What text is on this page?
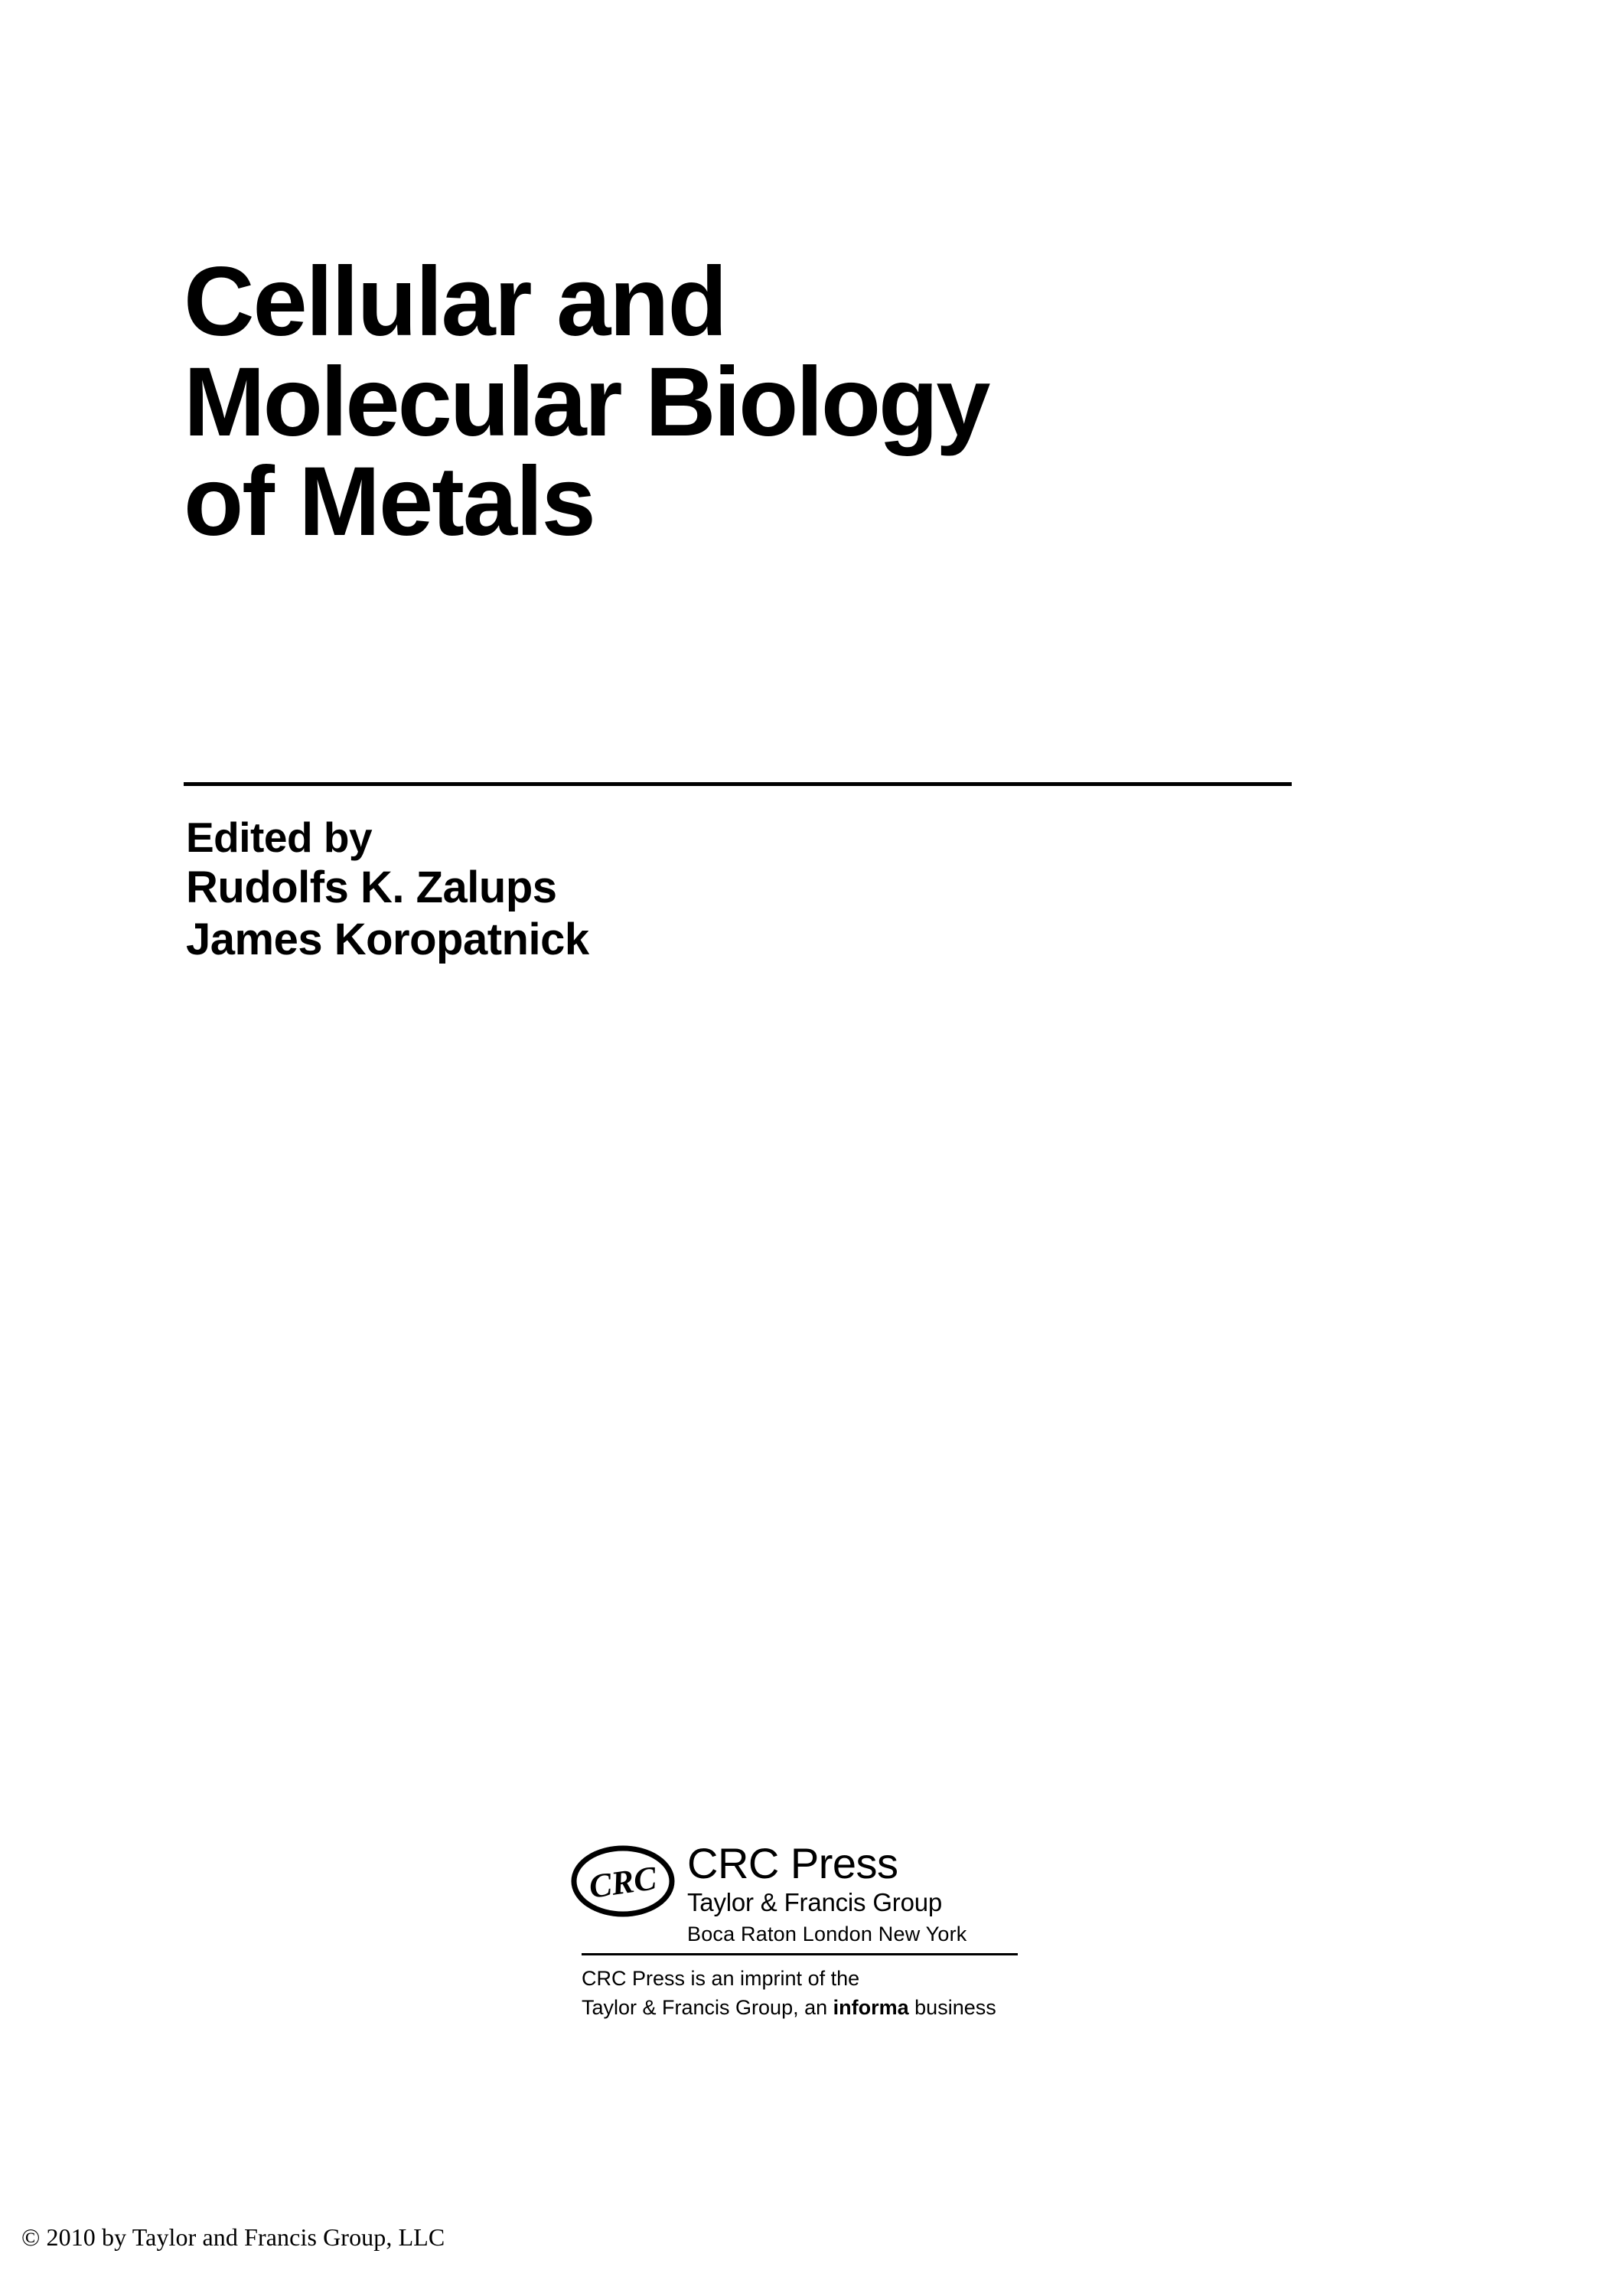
Cellular and
Molecular Biology
of Metals
Edited by
Rudolfs K. Zalups
James Koropatnick
CRC CRC Press
Taylor & Francis Group
Boca Raton London New York
CRC Press is an imprint of the
Taylor & Francis Group, an informa business
© 2010 by Taylor and Francis Group, LLC
